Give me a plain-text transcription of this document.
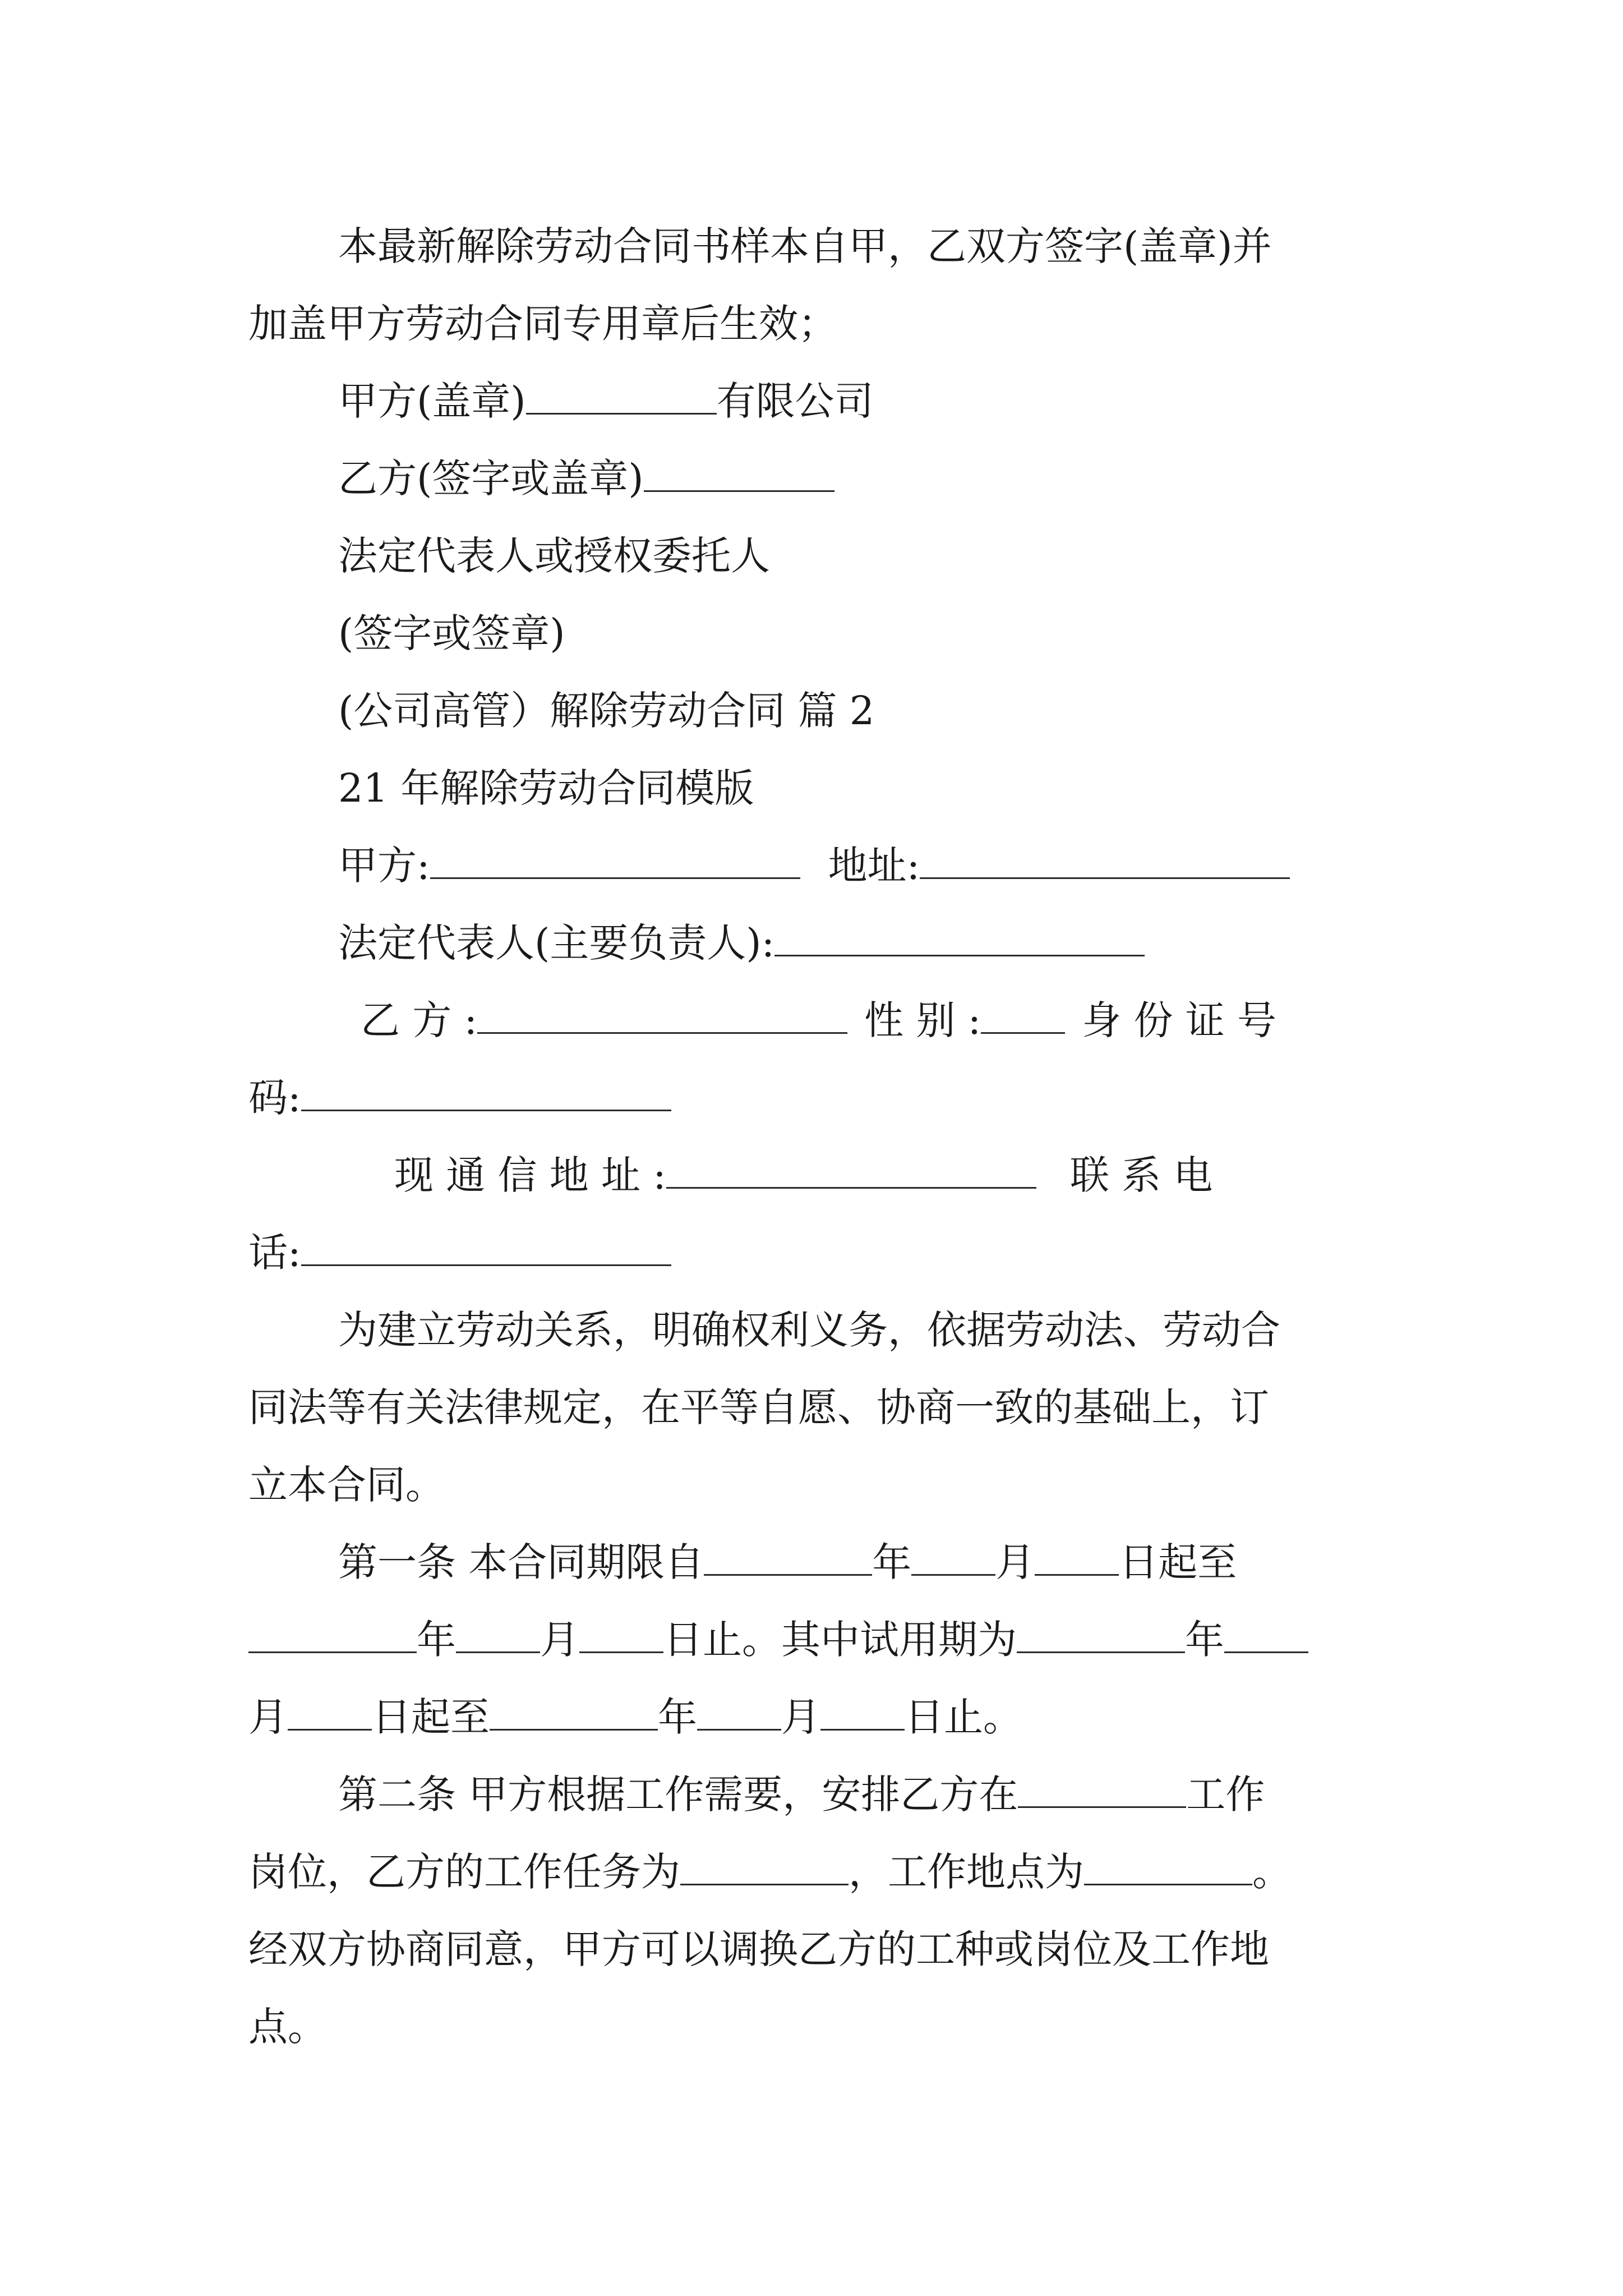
本最新解除劳动合同书样本自甲，乙双方签字(盖章)并

加盖甲方劳动合同专用章后生效；

甲方(盖章)	有限公司

乙方(签字或盖章)

法定代表人或授权委托人

(签字或签章)

(公司高管）解除劳动合同 篇 2

21 年解除劳动合同模版

甲方:	地址:

法定代表人(主要负责人):

乙 方 :	性 别 :	身 份 证 号

码:

现 通 信 地 址 :	联 系 电

话:

为建立劳动关系，明确权利义务，依据劳动法、劳动合

同法等有关法律规定，在平等自愿、协商一致的基础上，订

立本合同。

第一条 本合同期限自	年 月 日起至

年 月 日止。其中试用期为	年

月 日起至	年 月 日止。

第二条 甲方根据工作需要，安排乙方在	工作

岗位，乙方的工作任务为	，工作地点为	。

经双方协商同意，甲方可以调换乙方的工种或岗位及工作地

点。
